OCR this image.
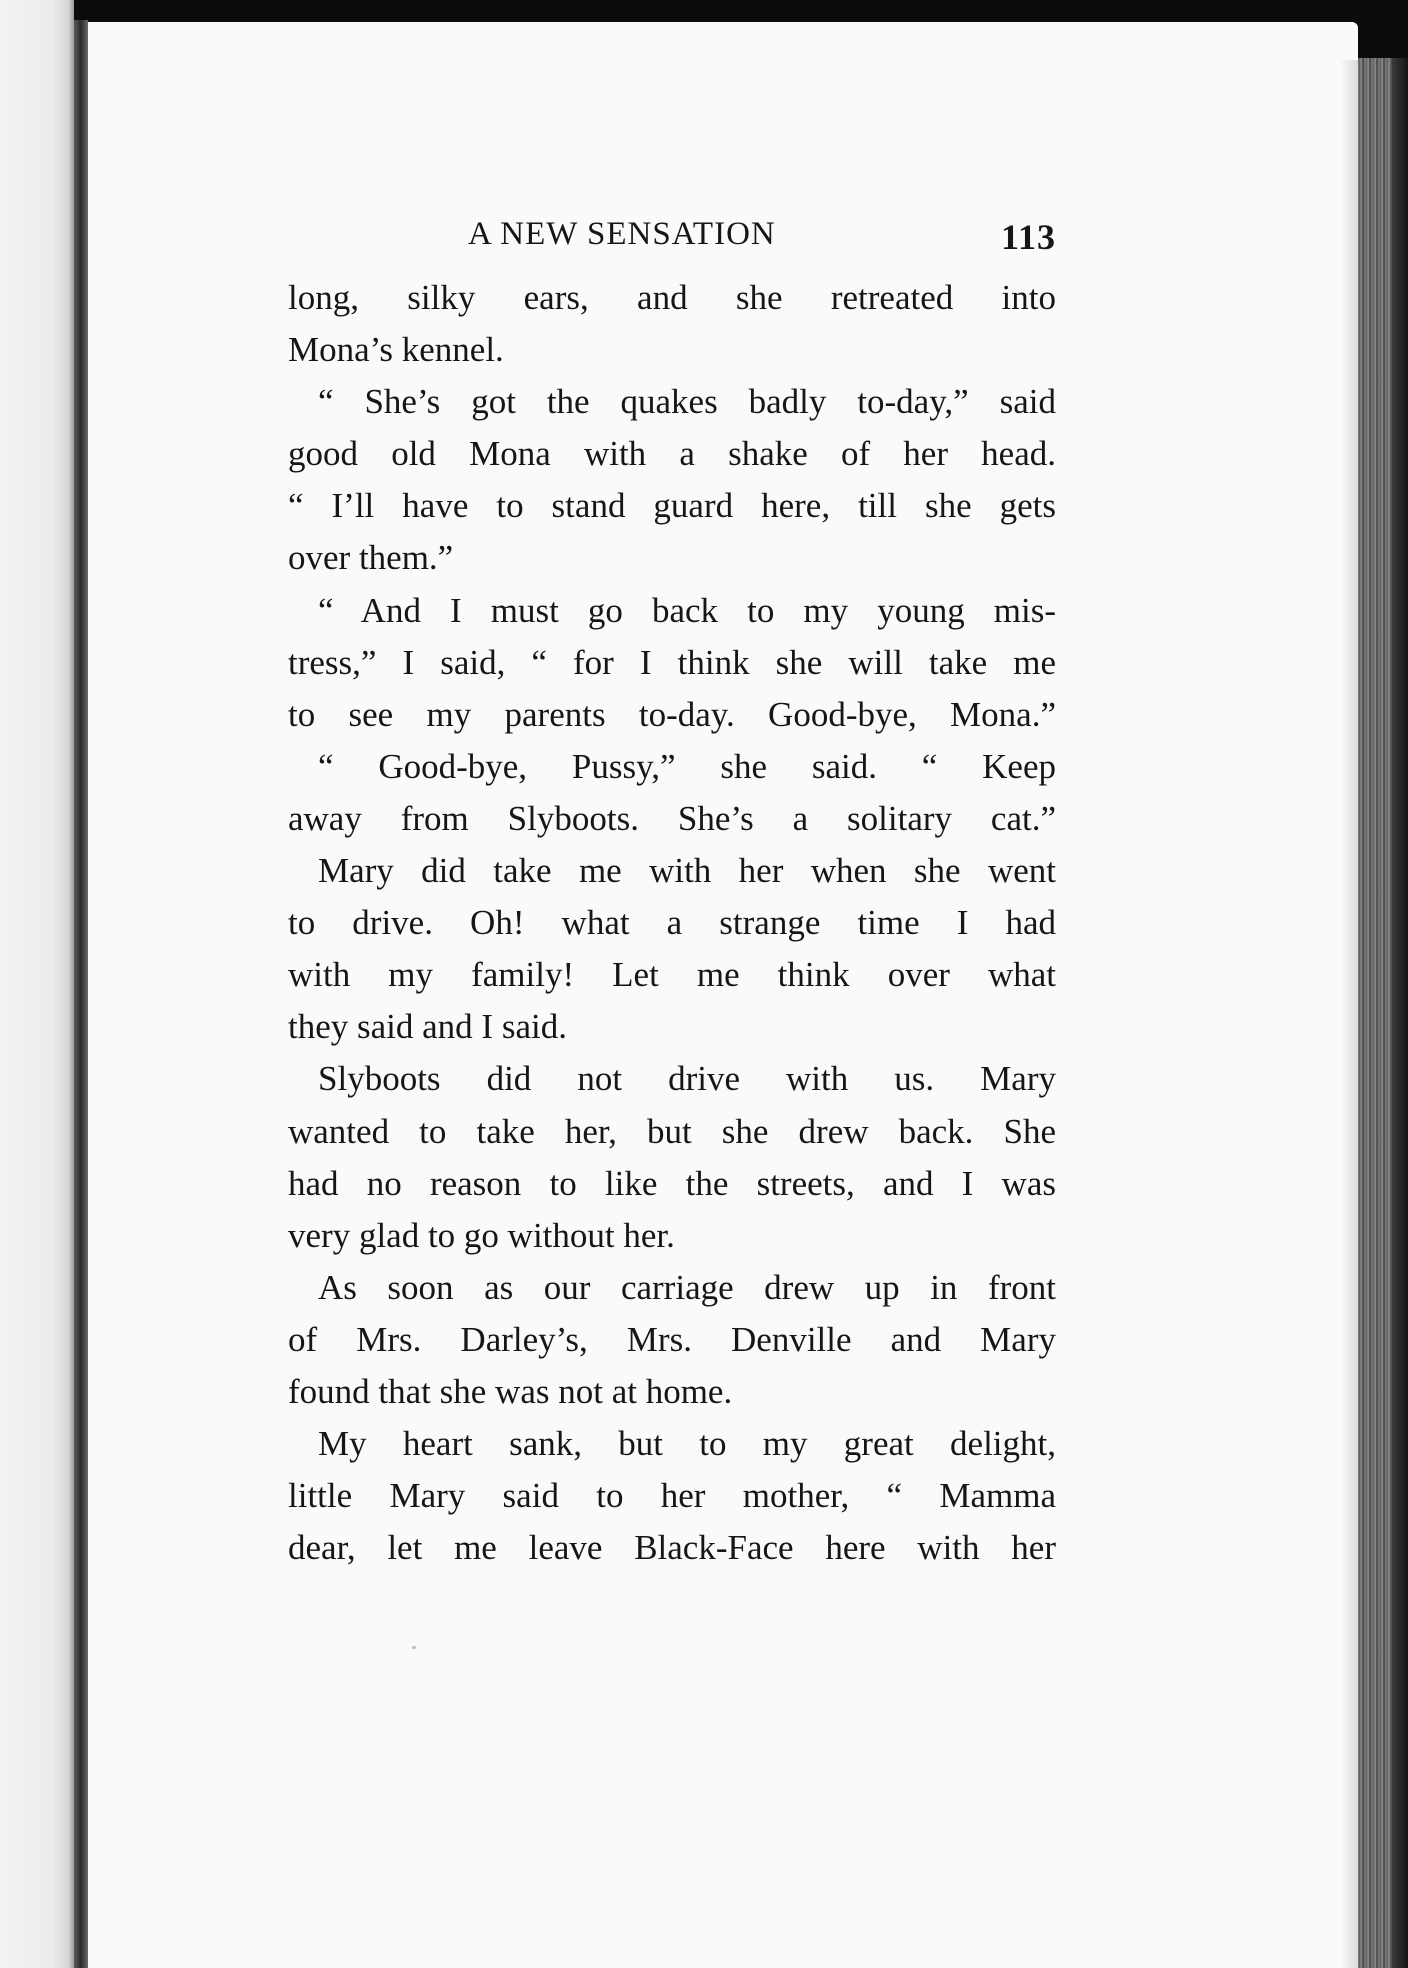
A NEW SENSATION	113
long, silky ears, and she retreated into
Mona’s kennel.
“ She’s got the quakes badly to-day,” said
good old Mona with a shake of her head.
“ I’ll have to stand guard here, till she gets
over them.”
“ And I must go back to my young mis-
tress,” I said, “ for I think she will take me
to see my parents to-day. Good-bye, Mona.”
“ Good-bye, Pussy,” she said. “ Keep
away from Slyboots. She’s a solitary cat.”
Mary did take me with her when she went
to drive. Oh! what a strange time I had
with my family! Let me think over what
they said and I said.
Slyboots did not drive with us. Mary
wanted to take her, but she drew back. She
had no reason to like the streets, and I was
very glad to go without her.
As soon as our carriage drew up in front
of Mrs. Darley’s, Mrs. Denville and Mary
found that she was not at home.
My heart sank, but to my great delight,
little Mary said to her mother, “ Mamma
dear, let me leave Black-Face here with her
